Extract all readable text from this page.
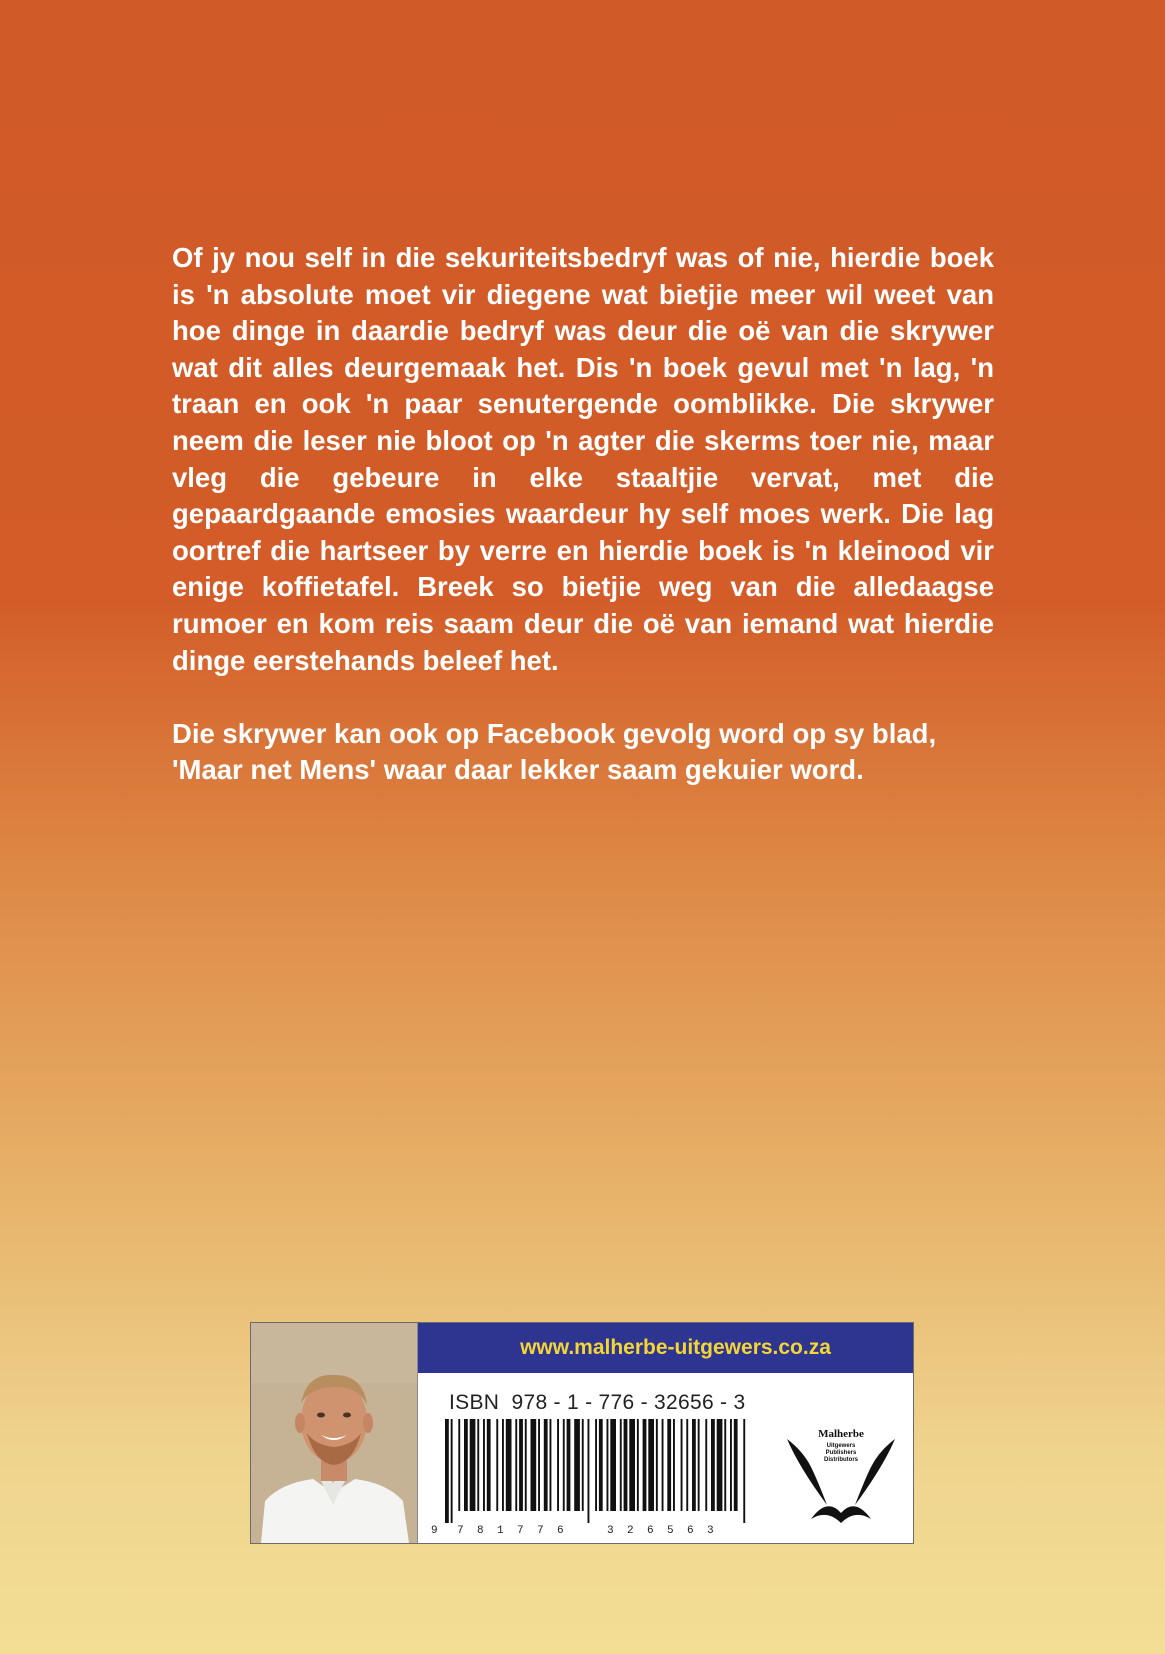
Of jy nou self in die sekuriteitsbedryf was of nie, hierdie boek is 'n absolute moet vir diegene wat bietjie meer wil weet van hoe dinge in daardie bedryf was deur die oë van die skrywer wat dit alles deurgemaak het. Dis 'n boek gevul met 'n lag, 'n traan en ook 'n paar senutergende oomblikke. Die skrywer neem die leser nie bloot op 'n agter die skerms toer nie, maar vleg die gebeure in elke staaltjie vervat, met die gepaardgaande emosies waardeur hy self moes werk. Die lag oortref die hartseer by verre en hierdie boek is 'n kleinood vir enige koffietafel. Breek so bietjie weg van die alledaagse rumoer en kom reis saam deur die oë van iemand wat hierdie dinge eerstehands beleef het.

Die skrywer kan ook op Facebook gevolg word op sy blad, 'Maar net Mens' waar daar lekker saam gekuier word.

www.malherbe-uitgewers.co.za
ISBN  978 - 1 - 776 - 32656 - 3
9 7 8 1 7 7 6	3 2 6 5 6 3
Malherbe
Uitgewers
Publishers
Distributors
